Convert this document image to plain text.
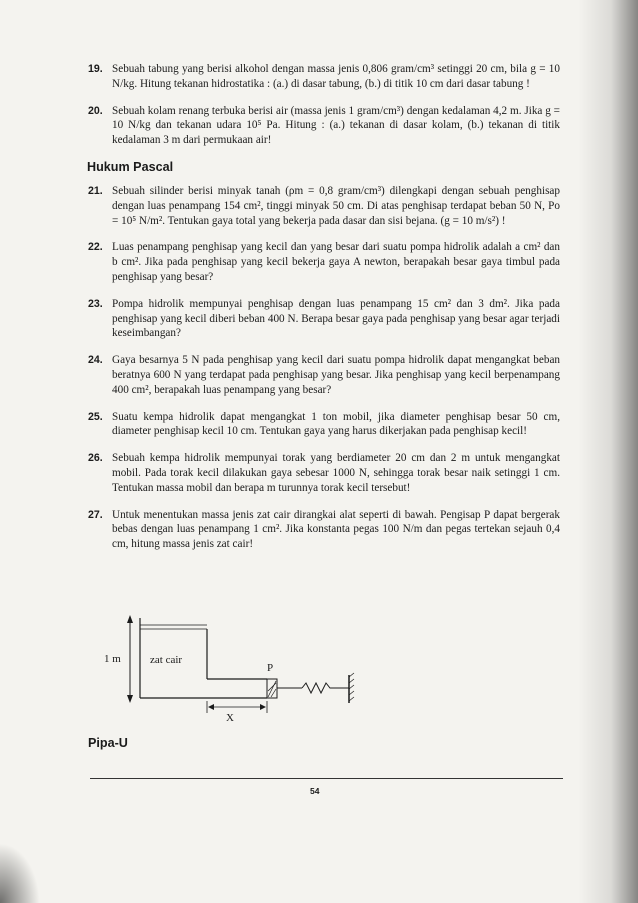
19. Sebuah tabung yang berisi alkohol dengan massa jenis 0,806 gram/cm³ setinggi 20 cm, bila g = 10 N/kg. Hitung tekanan hidrostatika : (a.) di dasar tabung, (b.) di titik 10 cm dari dasar tabung !
20. Sebuah kolam renang terbuka berisi air (massa jenis 1 gram/cm³) dengan kedalaman 4,2 m. Jika g = 10 N/kg dan tekanan udara 10⁵ Pa. Hitung : (a.) tekanan di dasar kolam, (b.) tekanan di titik kedalaman 3 m dari permukaan air!
Hukum Pascal
21. Sebuah silinder berisi minyak tanah (ρm = 0,8 gram/cm³) dilengkapi dengan sebuah penghisap dengan luas penampang 154 cm², tinggi minyak 50 cm. Di atas penghisap terdapat beban 50 N, Po = 10⁵ N/m². Tentukan gaya total yang bekerja pada dasar dan sisi bejana. (g = 10 m/s²) !
22. Luas penampang penghisap yang kecil dan yang besar dari suatu pompa hidrolik adalah a cm² dan b cm². Jika pada penghisap yang kecil bekerja gaya A newton, berapakah besar gaya timbul pada penghisap yang besar?
23. Pompa hidrolik mempunyai penghisap dengan luas penampang 15 cm² dan 3 dm². Jika pada penghisap yang kecil diberi beban 400 N. Berapa besar gaya pada penghisap yang besar agar terjadi keseimbangan?
24. Gaya besarnya 5 N pada penghisap yang kecil dari suatu pompa hidrolik dapat mengangkat beban beratnya 600 N yang terdapat pada penghisap yang besar. Jika penghisap yang kecil berpenampang 400 cm², berapakah luas penampang yang besar?
25. Suatu kempa hidrolik dapat mengangkat 1 ton mobil, jika diameter penghisap besar 50 cm, diameter penghisap kecil 10 cm. Tentukan gaya yang harus dikerjakan pada penghisap kecil!
26. Sebuah kempa hidrolik mempunyai torak yang berdiameter 20 cm dan 2 m untuk mengangkat mobil. Pada torak kecil dilakukan gaya sebesar 1000 N, sehingga torak besar naik setinggi 1 cm. Tentukan massa mobil dan berapa m turunnya torak kecil tersebut!
27. Untuk menentukan massa jenis zat cair dirangkai alat seperti di bawah. Pengisap P dapat bergerak bebas dengan luas penampang 1 cm². Jika konstanta pegas 100 N/m dan pegas tertekan sejauh 0,4 cm, hitung massa jenis zat cair!
1 m	zat cair
P
X
Pipa-U
54
